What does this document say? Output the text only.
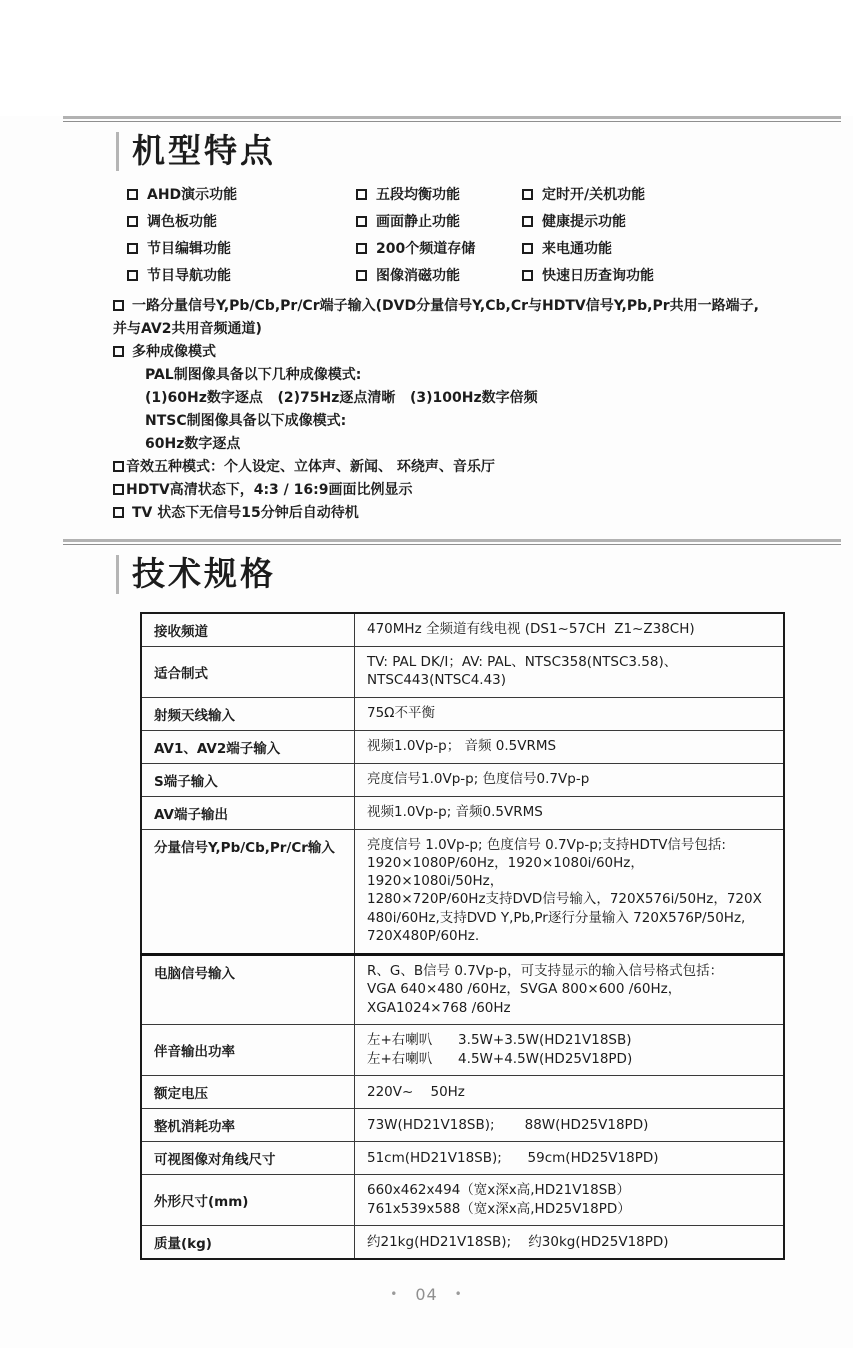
机型特点
AHD演示功能	五段均衡功能	定时开/关机功能
调色板功能	画面静止功能	健康提示功能
节目编辑功能	200个频道存储	来电通功能
节目导航功能	图像消磁功能	快速日历查询功能
一路分量信号Y,Pb/Cb,Pr/Cr端子输入(DVD分量信号Y,Cb,Cr与HDTV信号Y,Pb,Pr共用一路端子,
并与AV2共用音频通道)
多种成像模式
PAL制图像具备以下几种成像模式:
(1)60Hz数字逐点   (2)75Hz逐点清晰   (3)100Hz数字倍频
NTSC制图像具备以下成像模式:
60Hz数字逐点
音效五种模式：个人设定、立体声、新闻、 环绕声、音乐厅
HDTV高清状态下，4:3 / 16:9画面比例显示
TV 状态下无信号15分钟后自动待机
技术规格
接收频道	470MHz 全频道有线电视 (DS1~57CH  Z1~Z38CH)

适合制式	TV: PAL DK/I；AV: PAL、NTSC358(NTSC3.58)、
NTSC443(NTSC4.43)

射频天线输入	75Ω不平衡

AV1、AV2端子输入	视频1.0Vp-p； 音频 0.5VRMS

S端子输入	亮度信号1.0Vp-p; 色度信号0.7Vp-p

AV端子输出	视频1.0Vp-p; 音频0.5VRMS

分量信号Y,Pb/Cb,Pr/Cr输入	亮度信号 1.0Vp-p; 色度信号 0.7Vp-p;支持HDTV信号包括:
1920×1080P/60Hz，1920×1080i/60Hz，1920×1080i/50Hz，
1280×720P/60Hz支持DVD信号输入，720X576i/50Hz，720X
480i/60Hz,支持DVD Y,Pb,Pr逐行分量输入 720X576P/50Hz,
720X480P/60Hz.

电脑信号输入	R、G、B信号 0.7Vp-p，可支持显示的输入信号格式包括：
VGA 640×480 /60Hz，SVGA 800×600 /60Hz，
XGA1024×768 /60Hz

伴音输出功率	左+右喇叭      3.5W+3.5W(HD21V18SB)
左+右喇叭      4.5W+4.5W(HD25V18PD)

额定电压	220V~    50Hz

整机消耗功率	73W(HD21V18SB);       88W(HD25V18PD)

可视图像对角线尺寸	51cm(HD21V18SB);      59cm(HD25V18PD)

外形尺寸(mm)	660x462x494（宽x深x高,HD21V18SB）
761x539x588（宽x深x高,HD25V18PD）

质量(kg)	约21kg(HD21V18SB);    约30kg(HD25V18PD)
• 04 •
